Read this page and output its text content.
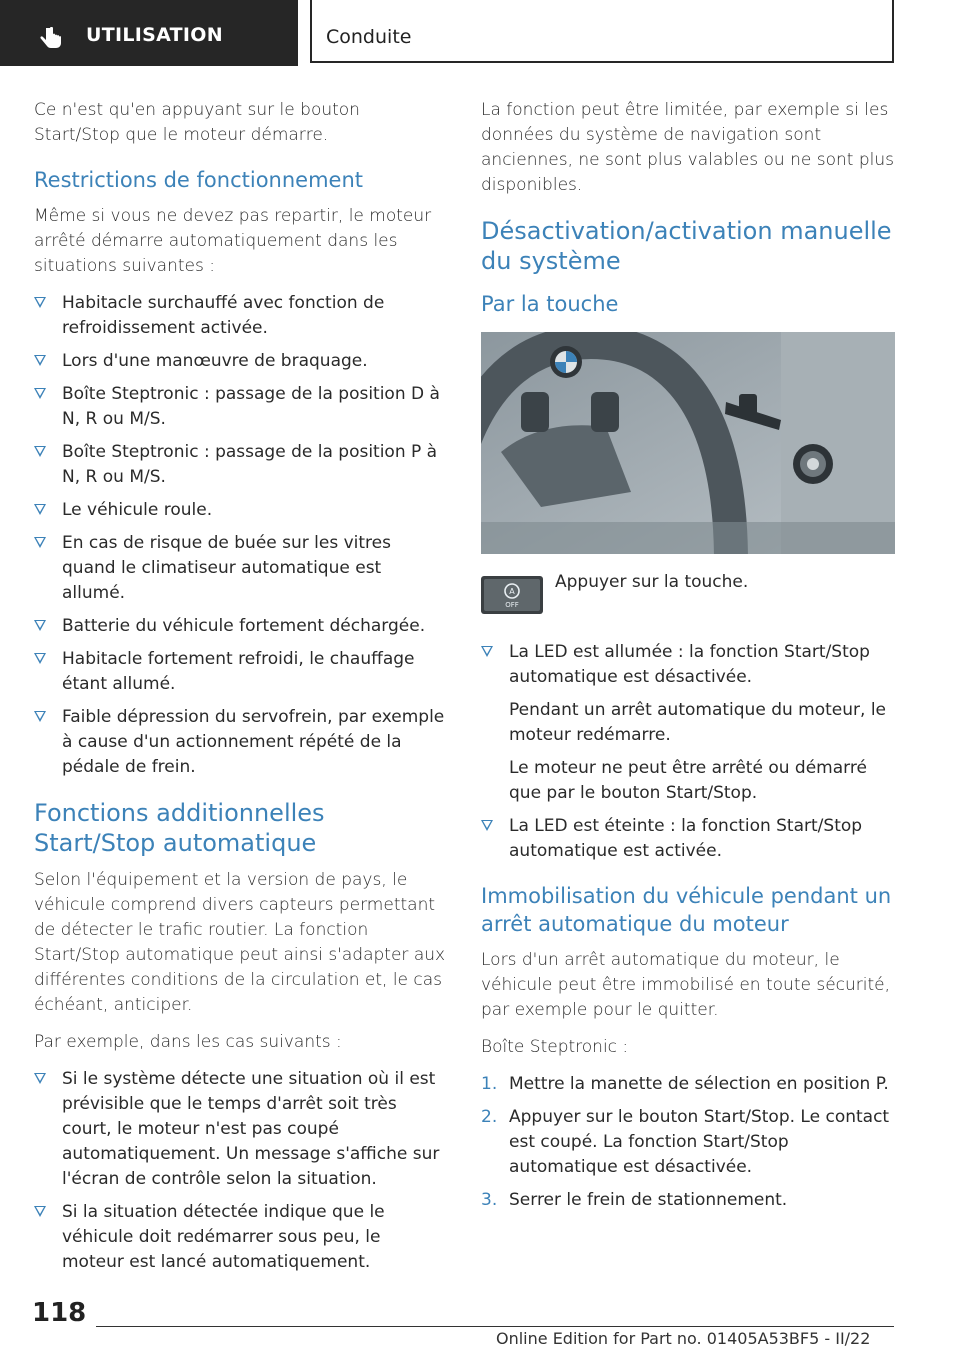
UTILISATION	Conduite

Ce n'est qu'en appuyant sur le bouton Start/Stop que le moteur démarre.

Restrictions de fonctionnement

Même si vous ne devez pas repartir, le moteur arrêté démarre automatiquement dans les situations suivantes :

Habitacle surchauffé avec fonction de refroidissement activée.
Lors d'une manœuvre de braquage.
Boîte Steptronic : passage de la position D à N, R ou M/S.
Boîte Steptronic : passage de la position P à N, R ou M/S.
Le véhicule roule.
En cas de risque de buée sur les vitres quand le climatiseur automatique est allumé.
Batterie du véhicule fortement déchargée.
Habitacle fortement refroidi, le chauffage étant allumé.
Faible dépression du servofrein, par exemple à cause d'un actionnement répété de la pédale de frein.
Fonctions additionnelles Start/Stop automatique

Selon l'équipement et la version de pays, le véhicule comprend divers capteurs permettant de détecter le trafic routier. La fonction Start/Stop automatique peut ainsi s'adapter aux différentes conditions de la circulation et, le cas échéant, anticiper.

Par exemple, dans les cas suivants :

Si le système détecte une situation où il est prévisible que le temps d'arrêt soit très court, le moteur n'est pas coupé automatiquement. Un message s'affiche sur l'écran de contrôle selon la situation.
Si la situation détectée indique que le véhicule doit redémarrer sous peu, le moteur est lancé automatiquement.

La fonction peut être limitée, par exemple si les données du système de navigation sont anciennes, ne sont plus valables ou ne sont plus disponibles.

Désactivation/activation manuelle du système
Par la touche
A
OFF
Appuyer sur la touche.
La LED est allumée : la fonction Start/Stop automatique est désactivée.
Pendant un arrêt automatique du moteur, le moteur redémarre.
Le moteur ne peut être arrêté ou démarré que par le bouton Start/Stop.
La LED est éteinte : la fonction Start/Stop automatique est activée.
Immobilisation du véhicule pendant un arrêt automatique du moteur

Lors d'un arrêt automatique du moteur, le véhicule peut être immobilisé en toute sécurité, par exemple pour le quitter.

Boîte Steptronic :

1. Mettre la manette de sélection en position P.
2. Appuyer sur le bouton Start/Stop. Le contact est coupé. La fonction Start/Stop automatique est désactivée.
3. Serrer le frein de stationnement.
118
Online Edition for Part no. 01405A53BF5 - II/22
